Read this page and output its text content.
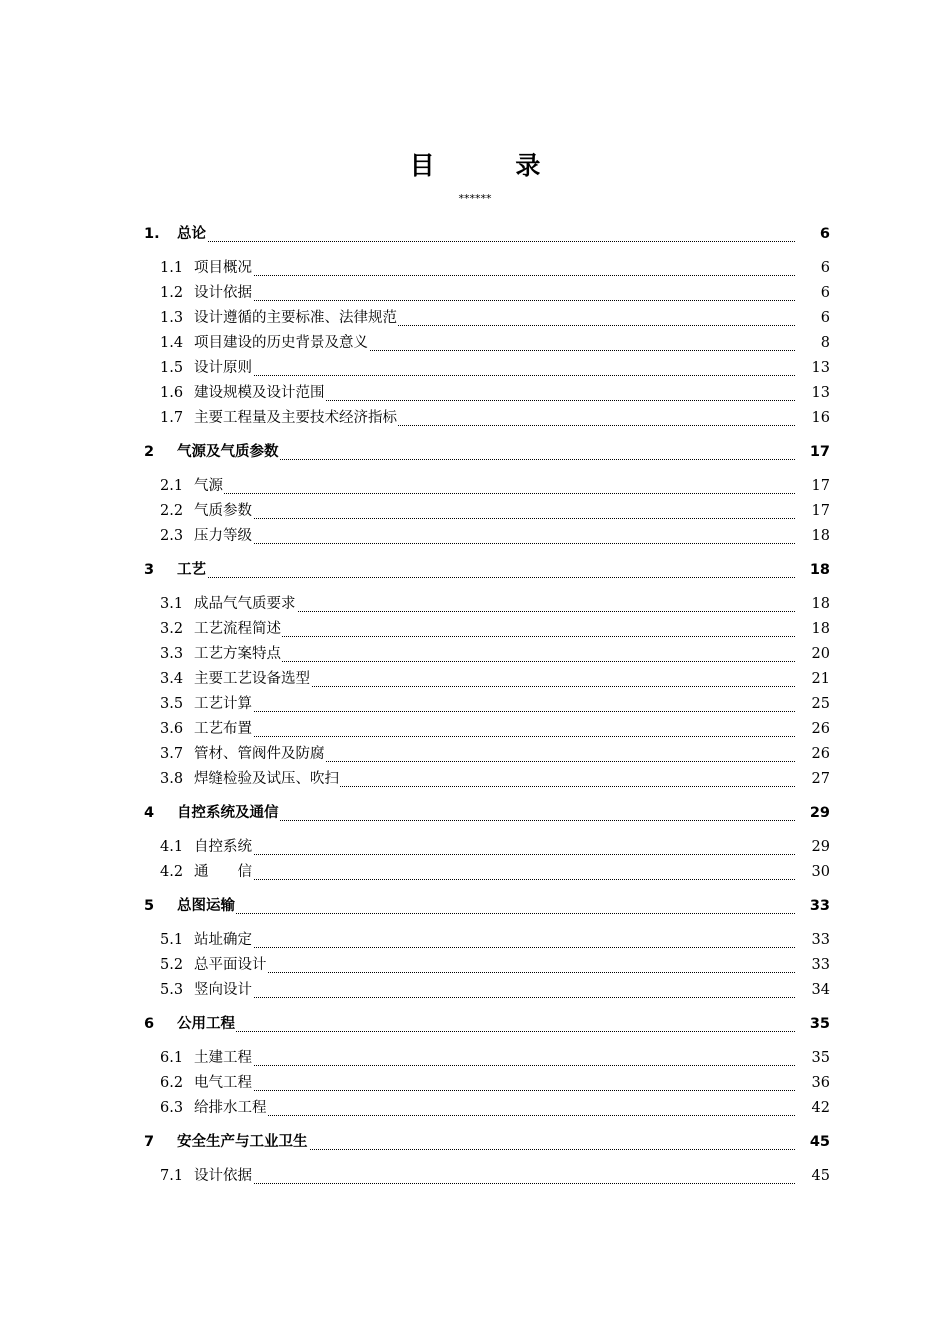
目 录
******
1. 总论	6
1.1 项目概况	6
1.2 设计依据	6
1.3 设计遵循的主要标准、法律规范	6
1.4 项目建设的历史背景及意义	8
1.5 设计原则	13
1.6 建设规模及设计范围	13
1.7 主要工程量及主要技术经济指标	16
2 气源及气质参数	17
2.1 气源	17
2.2 气质参数	17
2.3 压力等级	18
3 工艺	18
3.1 成品气气质要求	18
3.2 工艺流程简述	18
3.3 工艺方案特点	20
3.4 主要工艺设备选型	21
3.5 工艺计算	25
3.6 工艺布置	26
3.7 管材、管阀件及防腐	26
3.8 焊缝检验及试压、吹扫	27
4 自控系统及通信	29
4.1 自控系统	29
4.2 通　　信	30
5 总图运输	33
5.1 站址确定	33
5.2 总平面设计	33
5.3 竖向设计	34
6 公用工程	35
6.1 土建工程	35
6.2 电气工程	36
6.3 给排水工程	42
7 安全生产与工业卫生	45
7.1 设计依据	45
